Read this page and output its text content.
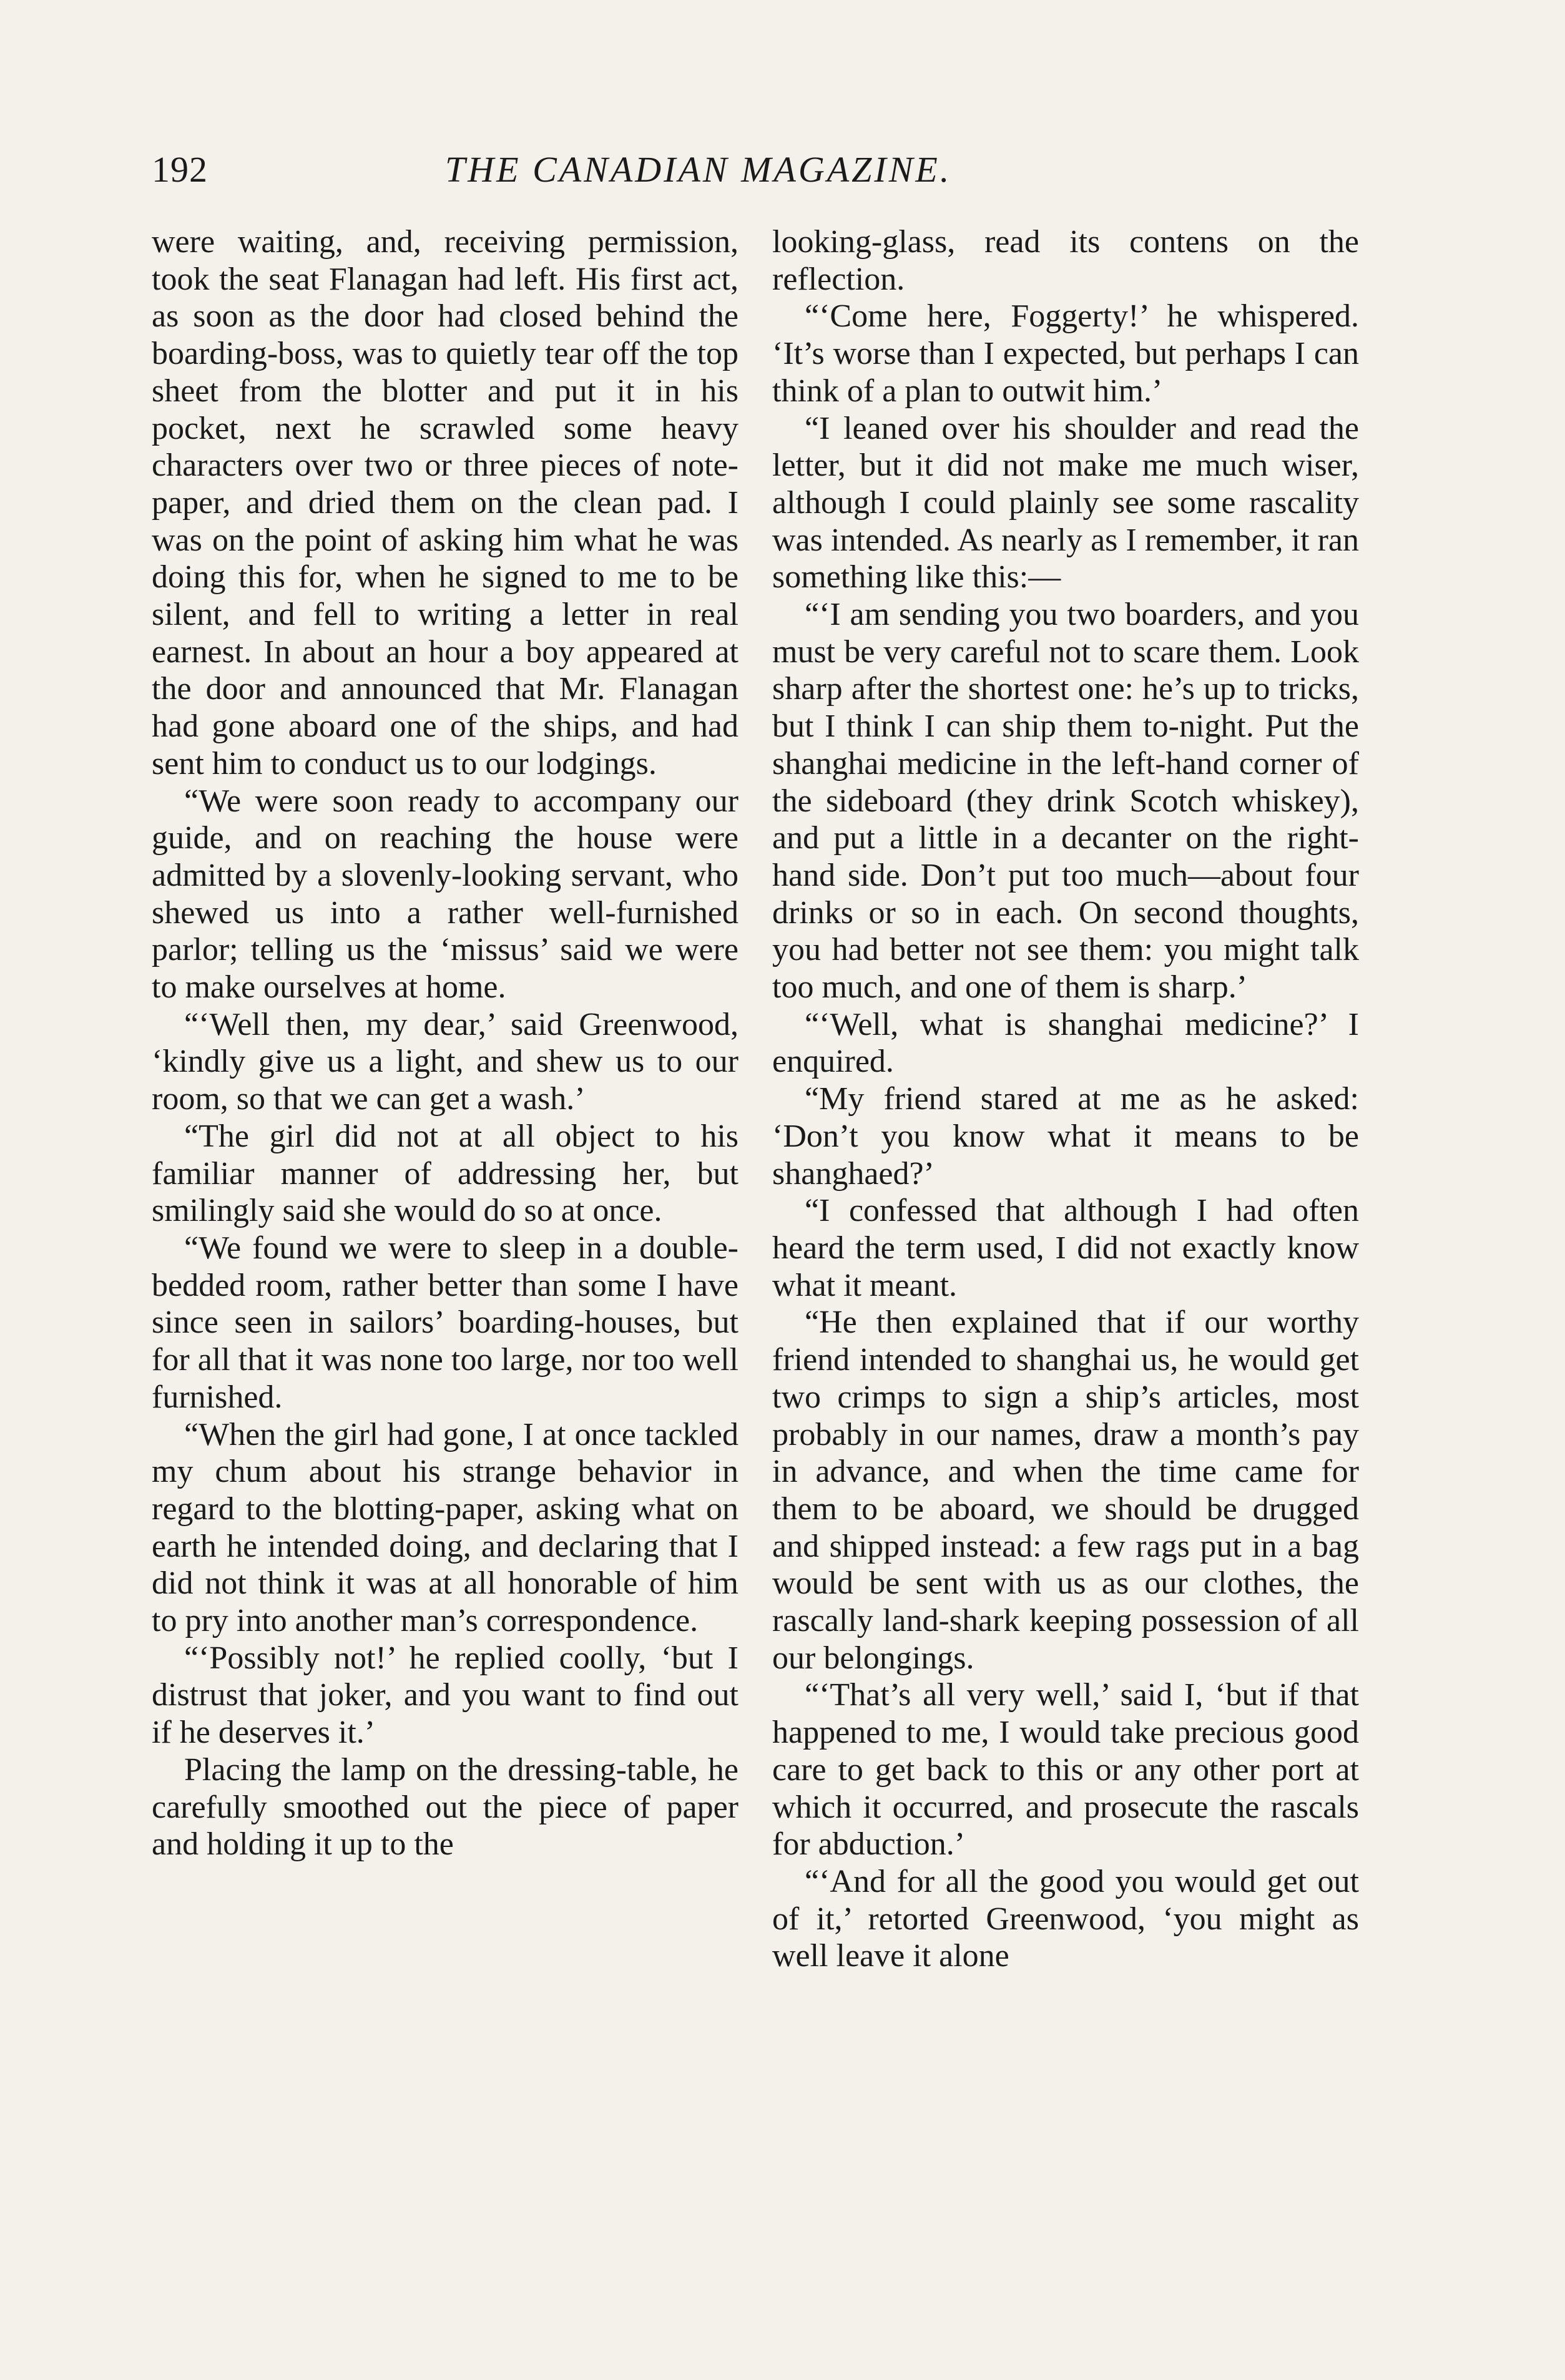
192	THE CANADIAN MAGAZINE.

were waiting, and, receiving permission, took the seat Flanagan had left. His first act, as soon as the door had closed behind the boarding-boss, was to quietly tear off the top sheet from the blotter and put it in his pocket, next he scrawled some heavy characters over two or three pieces of note-paper, and dried them on the clean pad. I was on the point of asking him what he was doing this for, when he signed to me to be silent, and fell to writing a letter in real earnest. In about an hour a boy appeared at the door and announced that Mr. Flanagan had gone aboard one of the ships, and had sent him to conduct us to our lodgings.

“We were soon ready to accompany our guide, and on reaching the house were admitted by a slovenly-looking servant, who shewed us into a rather well-furnished parlor; telling us the ‘missus’ said we were to make ourselves at home.

“‘Well then, my dear,’ said Greenwood, ‘kindly give us a light, and shew us to our room, so that we can get a wash.’

“The girl did not at all object to his familiar manner of addressing her, but smilingly said she would do so at once.

“We found we were to sleep in a double-bedded room, rather better than some I have since seen in sailors’ boarding-houses, but for all that it was none too large, nor too well furnished.

“When the girl had gone, I at once tackled my chum about his strange behavior in regard to the blotting-paper, asking what on earth he intended doing, and declaring that I did not think it was at all honorable of him to pry into another man’s correspondence.

“‘Possibly not!’ he replied coolly, ‘but I distrust that joker, and you want to find out if he deserves it.’

Placing the lamp on the dressing-table, he carefully smoothed out the piece of paper and holding it up to the

looking-glass, read its contens on the reflection.

“‘Come here, Foggerty!’ he whispered. ‘It’s worse than I expected, but perhaps I can think of a plan to outwit him.’

“I leaned over his shoulder and read the letter, but it did not make me much wiser, although I could plainly see some rascality was intended. As nearly as I remember, it ran something like this:—

“‘I am sending you two boarders, and you must be very careful not to scare them. Look sharp after the shortest one: he’s up to tricks, but I think I can ship them to-night. Put the shanghai medicine in the left-hand corner of the sideboard (they drink Scotch whiskey), and put a little in a decanter on the right-hand side. Don’t put too much—about four drinks or so in each. On second thoughts, you had better not see them: you might talk too much, and one of them is sharp.’

“‘Well, what is shanghai medicine?’ I enquired.

“My friend stared at me as he asked: ‘Don’t you know what it means to be shanghaed?’

“I confessed that although I had often heard the term used, I did not exactly know what it meant.

“He then explained that if our worthy friend intended to shanghai us, he would get two crimps to sign a ship’s articles, most probably in our names, draw a month’s pay in advance, and when the time came for them to be aboard, we should be drugged and shipped instead: a few rags put in a bag would be sent with us as our clothes, the rascally land-shark keeping possession of all our belongings.

“‘That’s all very well,’ said I, ‘but if that happened to me, I would take precious good care to get back to this or any other port at which it occurred, and prosecute the rascals for abduction.’

“‘And for all the good you would get out of it,’ retorted Greenwood, ‘you might as well leave it alone
